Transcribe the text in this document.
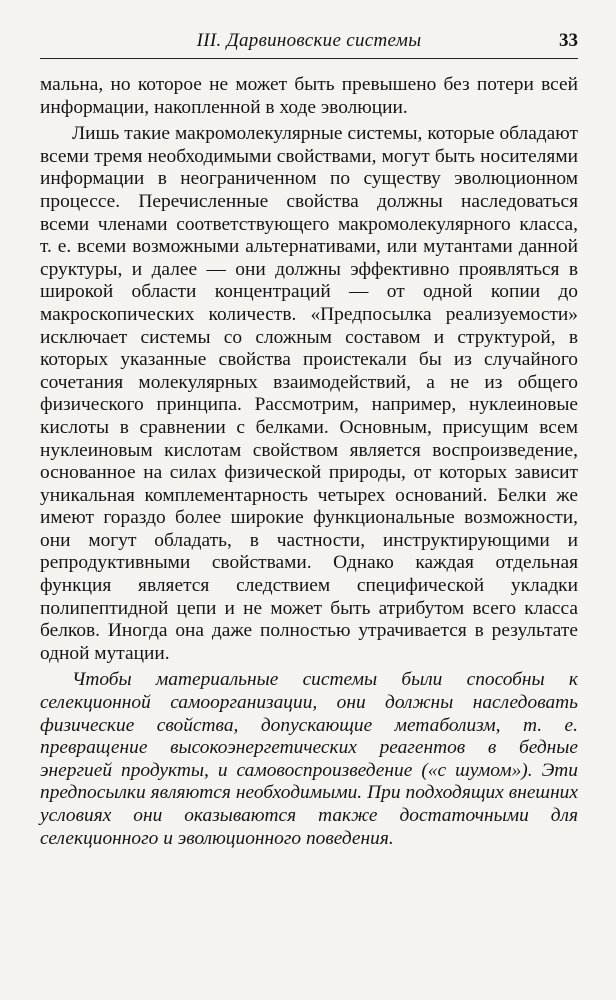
III. Дарвиновские системы	33

мальна, но которое не может быть превышено без потери всей информации, накопленной в ходе эволюции.

Лишь такие макромолекулярные системы, которые обладают всеми тремя необходимыми свойствами, могут быть носителями информации в неограниченном по существу эволюционном процессе. Перечисленные свойства должны наследоваться всеми членами соответствующего макромолекулярного класса, т. е. всеми возможными альтернативами, или мутантами данной сруктуры, и далее — они должны эффективно проявляться в широкой области концентраций — от одной копии до макроскопических количеств. «Предпосылка реализуемости» исключает системы со сложным составом и структурой, в которых указанные свойства проистекали бы из случайного сочетания молекулярных взаимодействий, а не из общего физического принципа. Рассмотрим, например, нуклеиновые кислоты в сравнении с белками. Основным, присущим всем нуклеиновым кислотам свойством является воспроизведение, основанное на силах физической природы, от которых зависит уникальная комплементарность четырех оснований. Белки же имеют гораздо более широкие функциональные возможности, они могут обладать, в частности, инструктирующими и репродуктивными свойствами. Однако каждая отдельная функция является следствием специфической укладки полипептидной цепи и не может быть атрибутом всего класса белков. Иногда она даже полностью утрачивается в результате одной мутации.

Чтобы материальные системы были способны к селекционной самоорганизации, они должны наследовать физические свойства, допускающие метаболизм, т. е. превращение высокоэнергетических реагентов в бедные энергией продукты, и самовоспроизведение («с шумом»). Эти предпосылки являются необходимыми. При подходящих внешних условиях они оказываются также достаточными для селекционного и эволюционного поведения.
